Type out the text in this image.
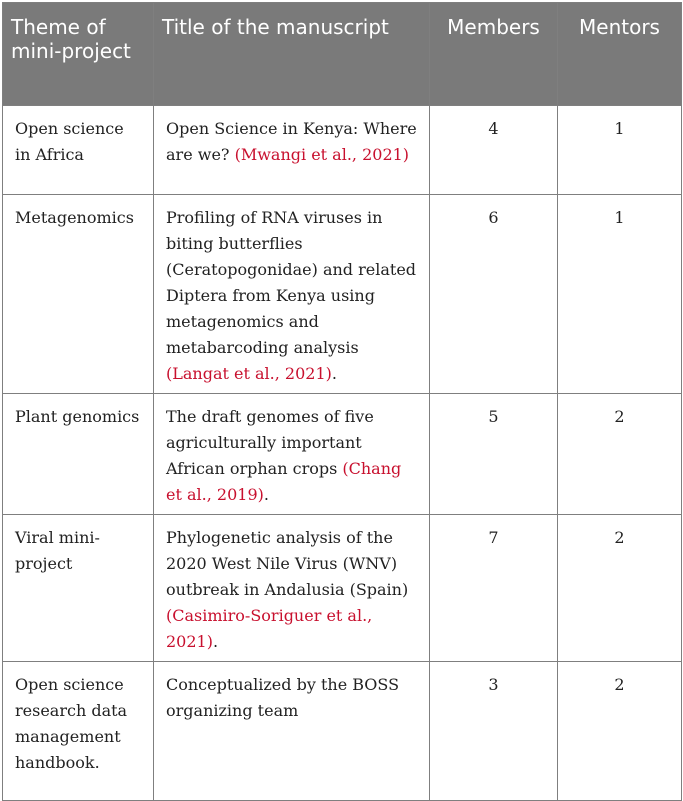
Theme of mini-project	Title of the manuscript	Members	Mentors
Open science in Africa	Open Science in Kenya: Where are we? (Mwangi et al., 2021)	4	1
Metagenomics	Profiling of RNA viruses in biting butterflies (Ceratopogonidae) and related Diptera from Kenya using metagenomics and metabarcoding analysis (Langat et al., 2021).	6	1
Plant genomics	The draft genomes of five agriculturally important African orphan crops (Chang et al., 2019).	5	2
Viral mini-project	Phylogenetic analysis of the 2020 West Nile Virus (WNV) outbreak in Andalusia (Spain) (Casimiro-Soriguer et al., 2021).	7	2
Open science research data management handbook.	Conceptualized by the BOSS organizing team	3	2
